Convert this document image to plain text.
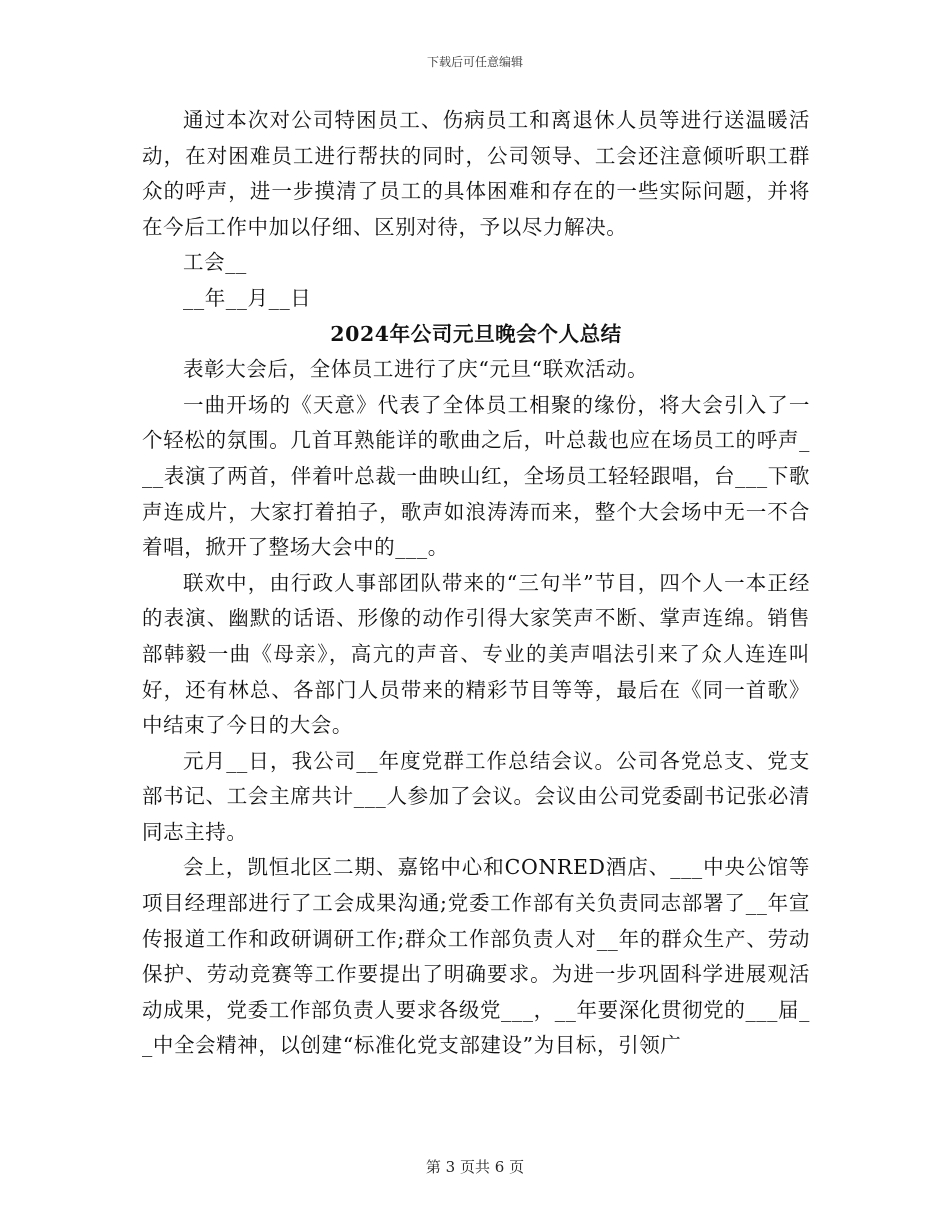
下载后可任意编辑

通过本次对公司特困员工、伤病员工和离退休人员等进行送温暖活动，在对困难员工进行帮扶的同时，公司领导、工会还注意倾听职工群众的呼声，进一步摸清了员工的具体困难和存在的一些实际问题，并将在今后工作中加以仔细、区别对待，予以尽力解决。

工会__

__年__月__日

2024年公司元旦晚会个人总结

表彰大会后，全体员工进行了庆“元旦“联欢活动。

一曲开场的《天意》代表了全体员工相聚的缘份，将大会引入了一个轻松的氛围。几首耳熟能详的歌曲之后，叶总裁也应在场员工的呼声___表演了两首，伴着叶总裁一曲映山红，全场员工轻轻跟唱，台___下歌声连成片，大家打着拍子，歌声如浪涛涛而来，整个大会场中无一不合着唱，掀开了整场大会中的___。

联欢中，由行政人事部团队带来的“三句半”节目，四个人一本正经的表演、幽默的话语、形像的动作引得大家笑声不断、掌声连绵。销售部韩毅一曲《母亲》，高亢的声音、专业的美声唱法引来了众人连连叫好，还有林总、各部门人员带来的精彩节目等等，最后在《同一首歌》中结束了今日的大会。

元月__日，我公司__年度党群工作总结会议。公司各党总支、党支部书记、工会主席共计___人参加了会议。会议由公司党委副书记张必清同志主持。

会上，凯恒北区二期、嘉铭中心和CONRED酒店、___中央公馆等项目经理部进行了工会成果沟通;党委工作部有关负责同志部署了__年宣传报道工作和政研调研工作;群众工作部负责人对__年的群众生产、劳动保护、劳动竞赛等工作要提出了明确要求。为进一步巩固科学进展观活动成果，党委工作部负责人要求各级党___，__年要深化贯彻党的___届__中全会精神，以创建“标准化党支部建设”为目标，引领广

第 3 页共 6 页
